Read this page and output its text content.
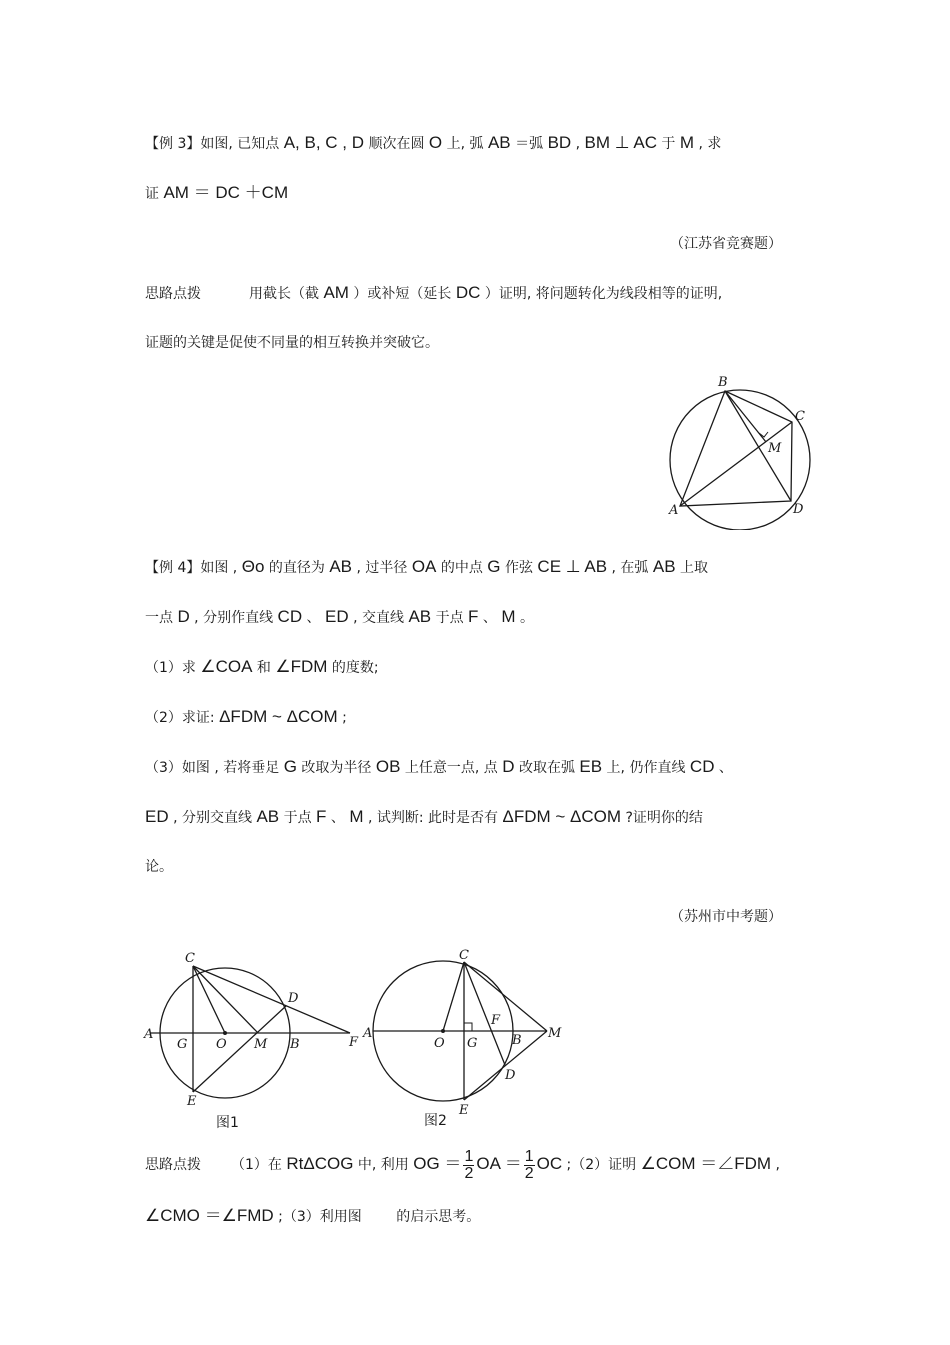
【例 3】如图, 已知点 A, B, C , D 顺次在圆 O 上, 弧 AB ＝弧 BD , BM ⊥ AC 于 M , 求
证 AM ＝ DC ＋CM
（江苏省竞赛题）
思路点拨	用截长（截 AM ）或补短（延长 DC ）证明, 将问题转化为线段相等的证明,
证题的关键是促使不同量的相互转换并突破它。
B
C
M
A	D
【例 4】如图 , Θo 的直径为 AB , 过半径 OA 的中点 G 作弦 CE ⊥ AB , 在弧 AB 上取
一点 D , 分别作直线 CD 、 ED , 交直线 AB 于点 F 、 M 。
（1）求 ∠COA 和 ∠FDM 的度数;
（2）求证: ΔFDM ~ ΔCOM ;
（3）如图 , 若将垂足 G 改取为半径 OB 上任意一点, 点 D 改取在弧 EB 上, 仍作直线 CD 、
ED , 分别交直线 AB 于点 F 、 M , 试判断: 此时是否有 ΔFDM ~ ΔCOM ?证明你的结
论。
（苏州市中考题）
C
D
A
G O M B	F
E
图1
C
F
A
O G	B M
D
E
图2
思路点拨 （1）在 RtΔCOG 中, 利用 OG ＝ $\frac{1}{2}$ OA ＝ $\frac{1}{2}$ OC ;（2）证明 ∠COM ＝∠FDM ,
∠CMO ＝∠FMD ;（3）利用图 的启示思考。
